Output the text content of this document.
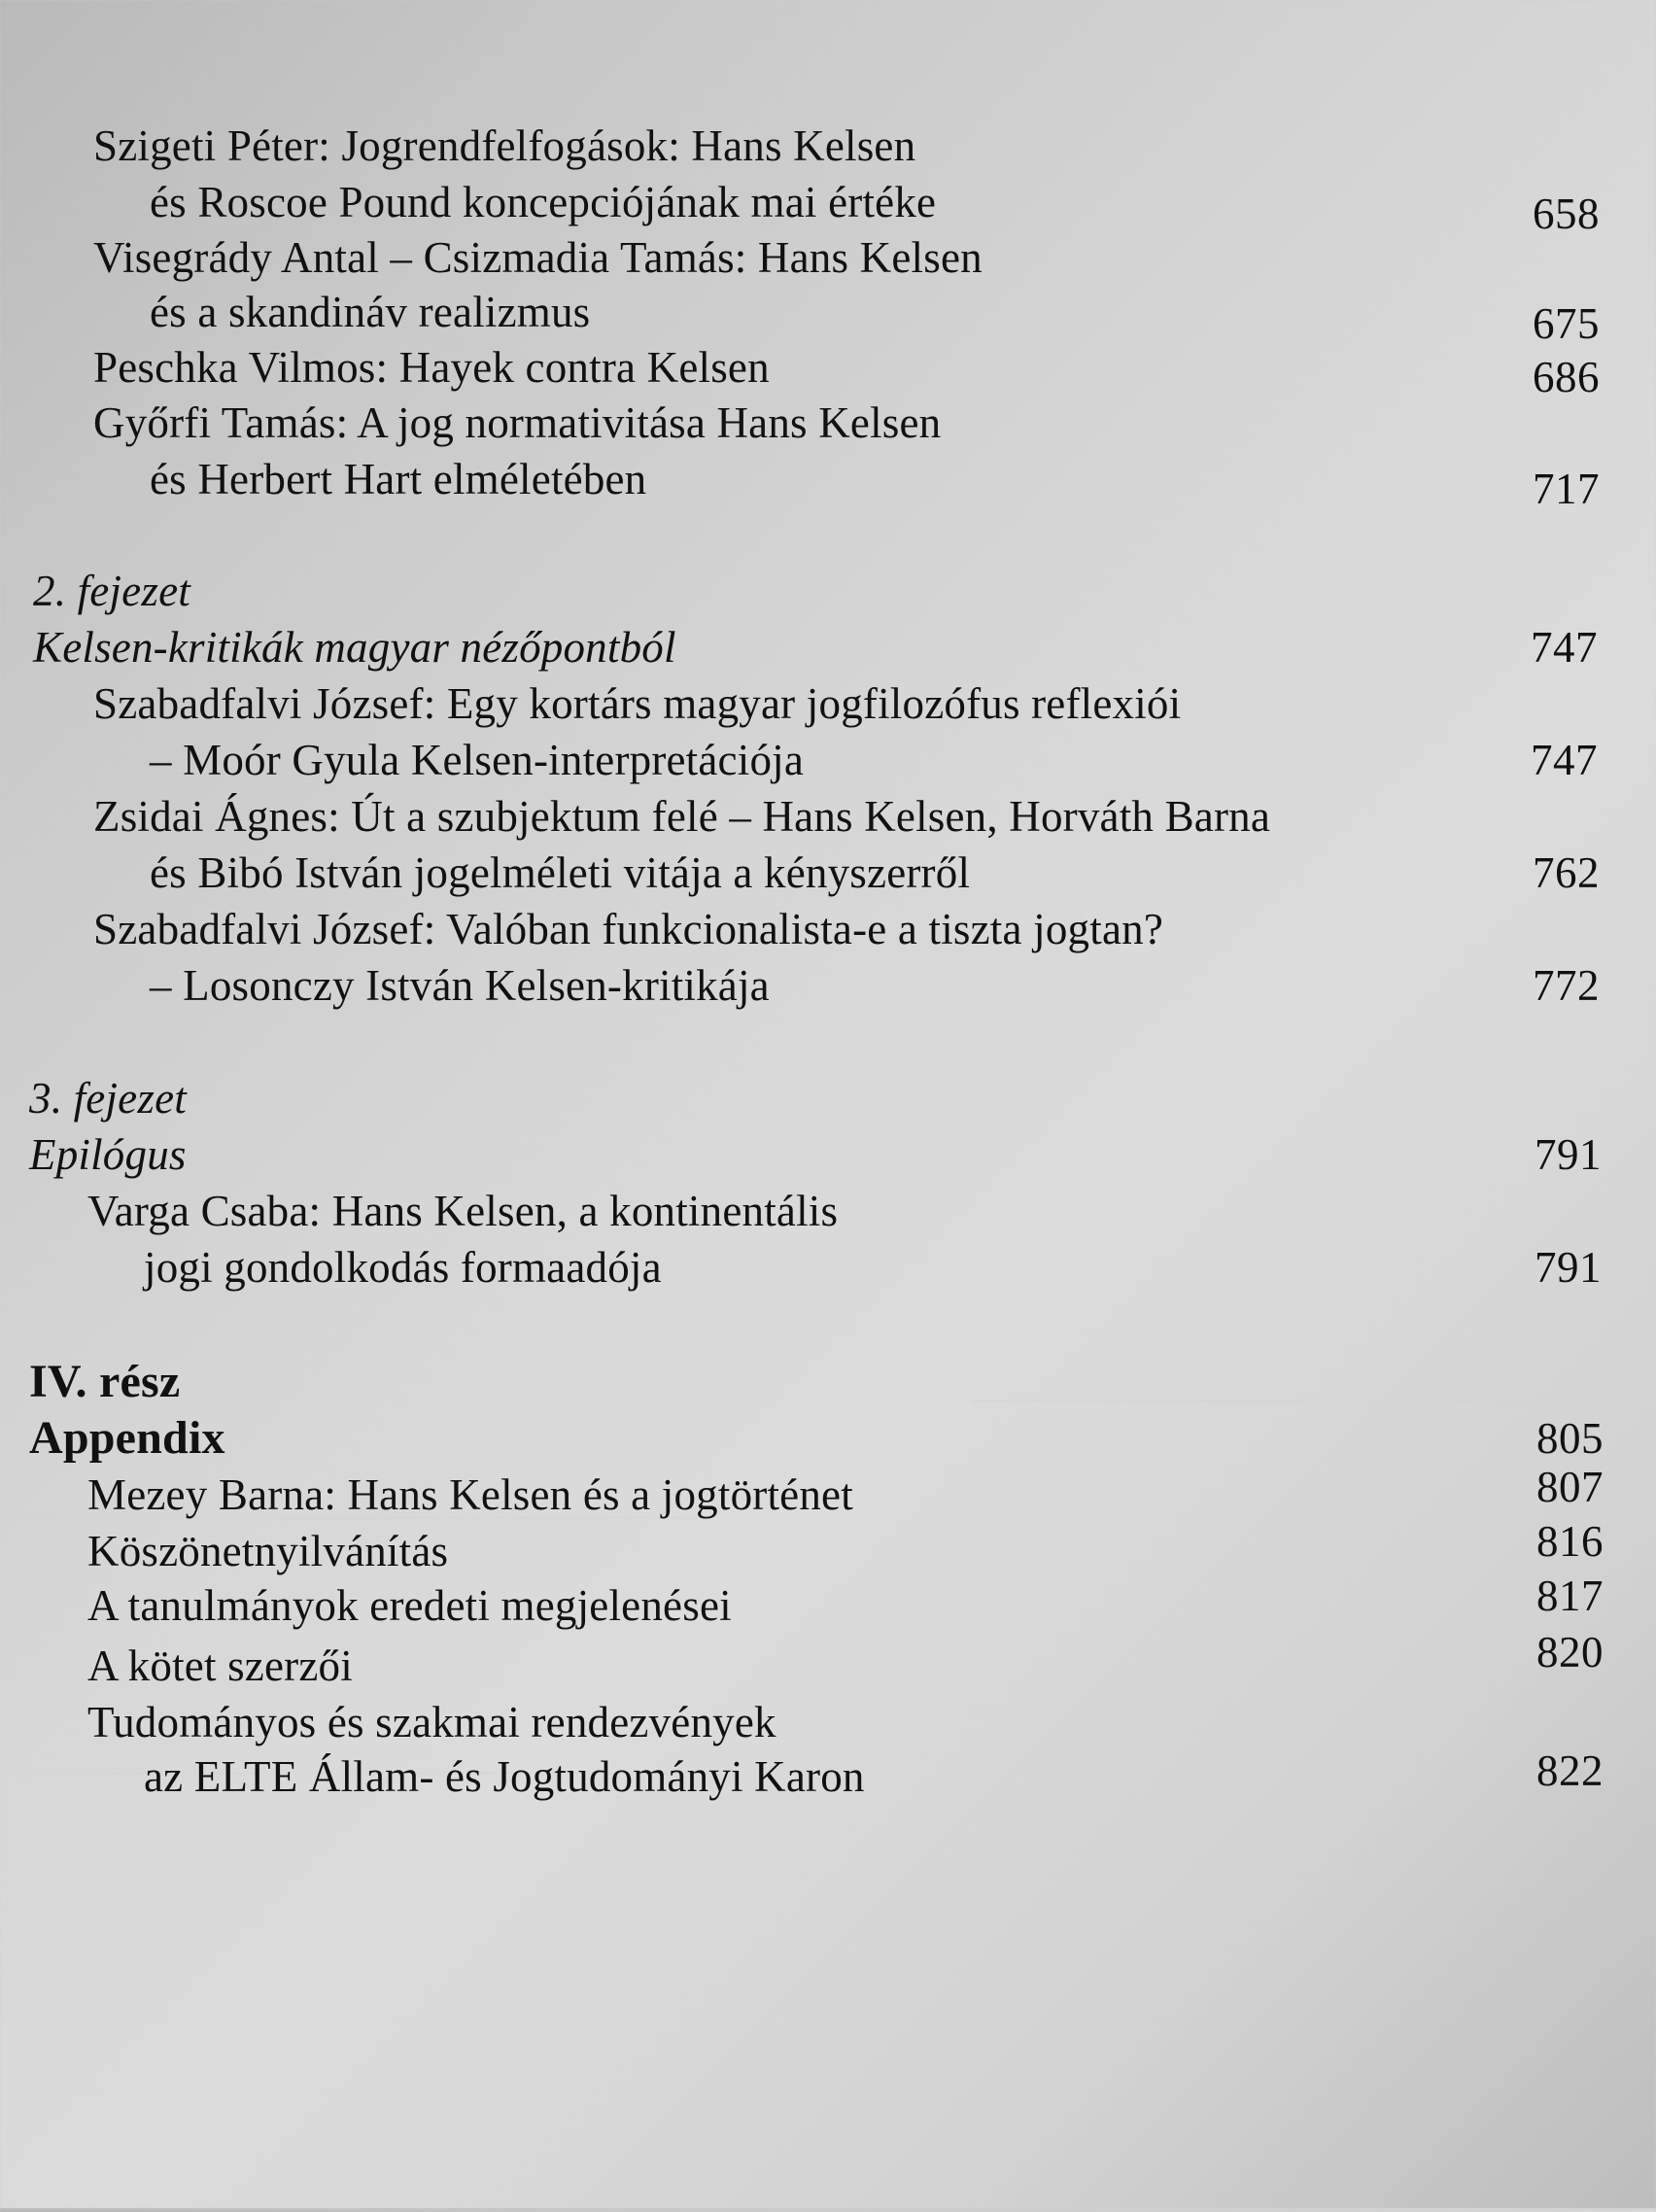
Szigeti Péter: Jogrendfelfogások: Hans Kelsen
és Roscoe Pound koncepciójának mai értéke	658
Visegrády Antal – Csizmadia Tamás: Hans Kelsen
és a skandináv realizmus	675
Peschka Vilmos: Hayek contra Kelsen	686
Győrfi Tamás: A jog normativitása Hans Kelsen
és Herbert Hart elméletében	717
2. fejezet
Kelsen-kritikák magyar nézőpontból	747
Szabadfalvi József: Egy kortárs magyar jogfilozófus reflexiói
– Moór Gyula Kelsen-interpretációja	747
Zsidai Ágnes: Út a szubjektum felé – Hans Kelsen, Horváth Barna
és Bibó István jogelméleti vitája a kényszerről	762
Szabadfalvi József: Valóban funkcionalista-e a tiszta jogtan?
– Losonczy István Kelsen-kritikája	772
3. fejezet
Epilógus	791
Varga Csaba: Hans Kelsen, a kontinentális
jogi gondolkodás formaadója	791
IV. rész
Appendix	805
Mezey Barna: Hans Kelsen és a jogtörténet	807
Köszönetnyilvánítás	816
A tanulmányok eredeti megjelenései	817
A kötet szerzői	820
Tudományos és szakmai rendezvények
az ELTE Állam- és Jogtudományi Karon	822
